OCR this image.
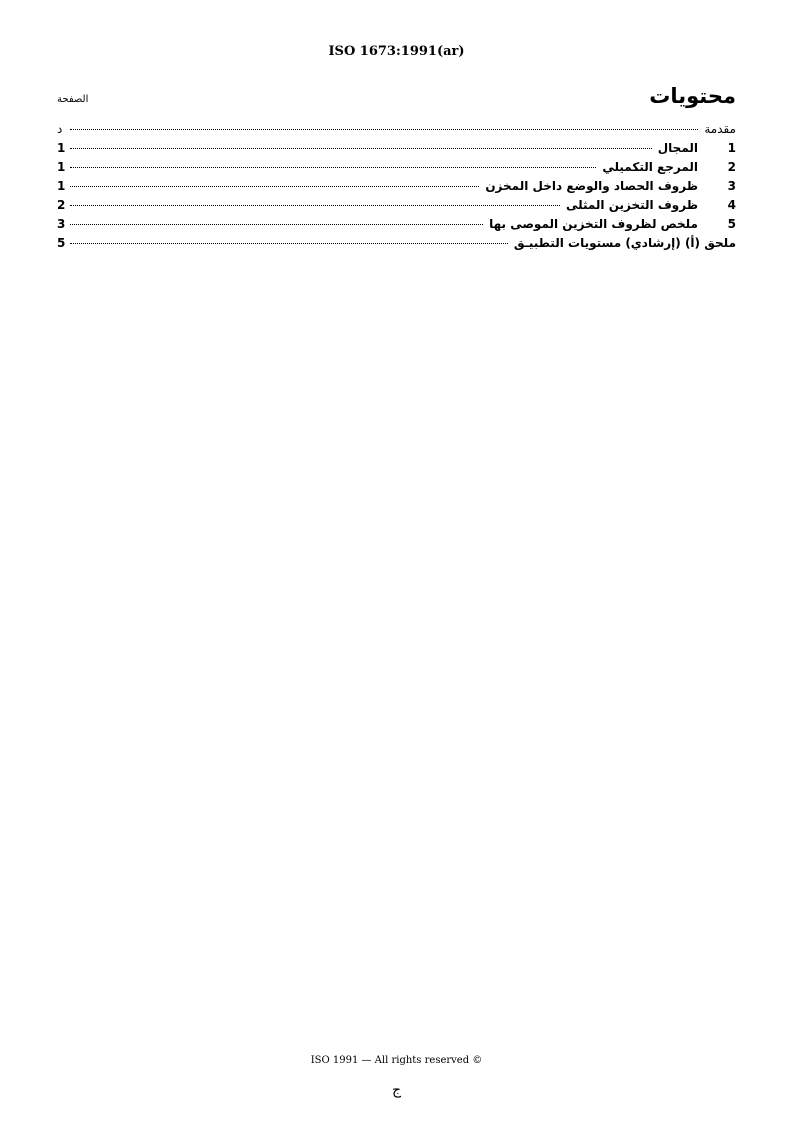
ISO 1673:1991(ar)
محتويات
الصفحة
مقدمة
د
1
المجال
1
2
المرجع التكميلي
1
3
ظروف الحصاد والوضع داخل المخزن
1
4
ظروف التخزين المثلى
2
5
ملخص لظروف التخزين الموصى بها
3
ملحق (أ) (إرشادي) مستويات التطبيـق
5
ISO 1991 — All rights reserved ©
ج
